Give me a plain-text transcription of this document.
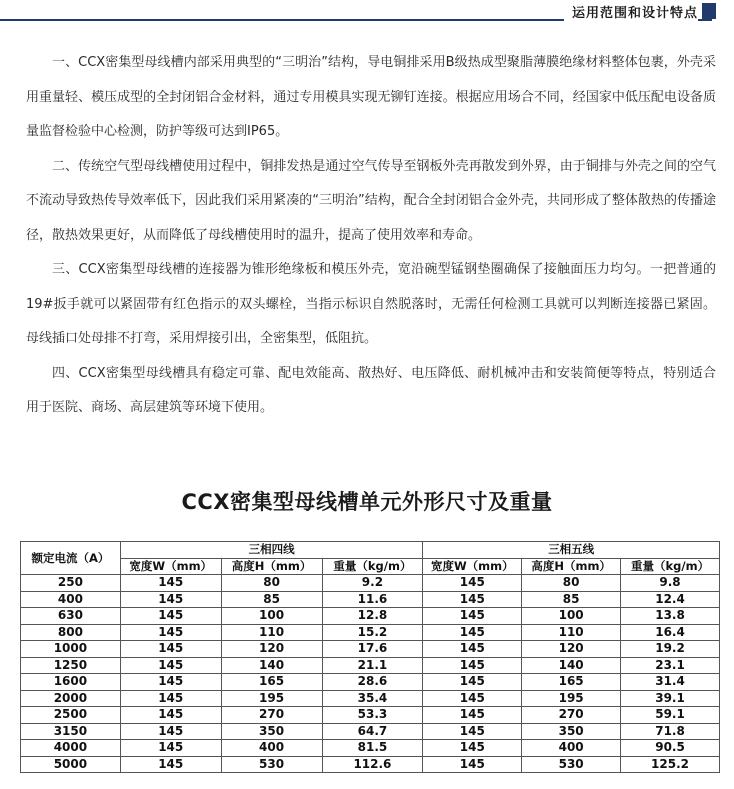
运用范围和设计特点

一、CCX密集型母线槽内部采用典型的“三明治”结构，导电铜排采用B级热成型聚脂薄膜绝缘材料整体包裹，外壳采用重量轻、模压成型的全封闭铝合金材料，通过专用模具实现无铆钉连接。根据应用场合不同，经国家中低压配电设备质量监督检验中心检测，防护等级可达到IP65。

二、传统空气型母线槽使用过程中，铜排发热是通过空气传导至钢板外壳再散发到外界，由于铜排与外壳之间的空气不流动导致热传导效率低下，因此我们采用紧凑的“三明治”结构，配合全封闭铝合金外壳，共同形成了整体散热的传播途径，散热效果更好，从而降低了母线槽使用时的温升，提高了使用效率和寿命。

三、CCX密集型母线槽的连接器为锥形绝缘板和模压外壳，宽沿碗型锰钢垫圈确保了接触面压力均匀。一把普通的19#扳手就可以紧固带有红色指示的双头螺栓，当指示标识自然脱落时，无需任何检测工具就可以判断连接器已紧固。母线插口处母排不打弯，采用焊接引出，全密集型，低阻抗。

四、CCX密集型母线槽具有稳定可靠、配电效能高、散热好、电压降低、耐机械冲击和安装简便等特点，特别适合用于医院、商场、高层建筑等环境下使用。

CCX密集型母线槽单元外形尺寸及重量
额定电流（A）	三相四线			三相五线		
	宽度W（mm）	高度H（mm）	重量（kg/m）	宽度W（mm）	高度H（mm）	重量（kg/m）
250	145	80	9.2	145	80	9.8
400	145	85	11.6	145	85	12.4
630	145	100	12.8	145	100	13.8
800	145	110	15.2	145	110	16.4
1000	145	120	17.6	145	120	19.2
1250	145	140	21.1	145	140	23.1
1600	145	165	28.6	145	165	31.4
2000	145	195	35.4	145	195	39.1
2500	145	270	53.3	145	270	59.1
3150	145	350	64.7	145	350	71.8
4000	145	400	81.5	145	400	90.5
5000	145	530	112.6	145	530	125.2
